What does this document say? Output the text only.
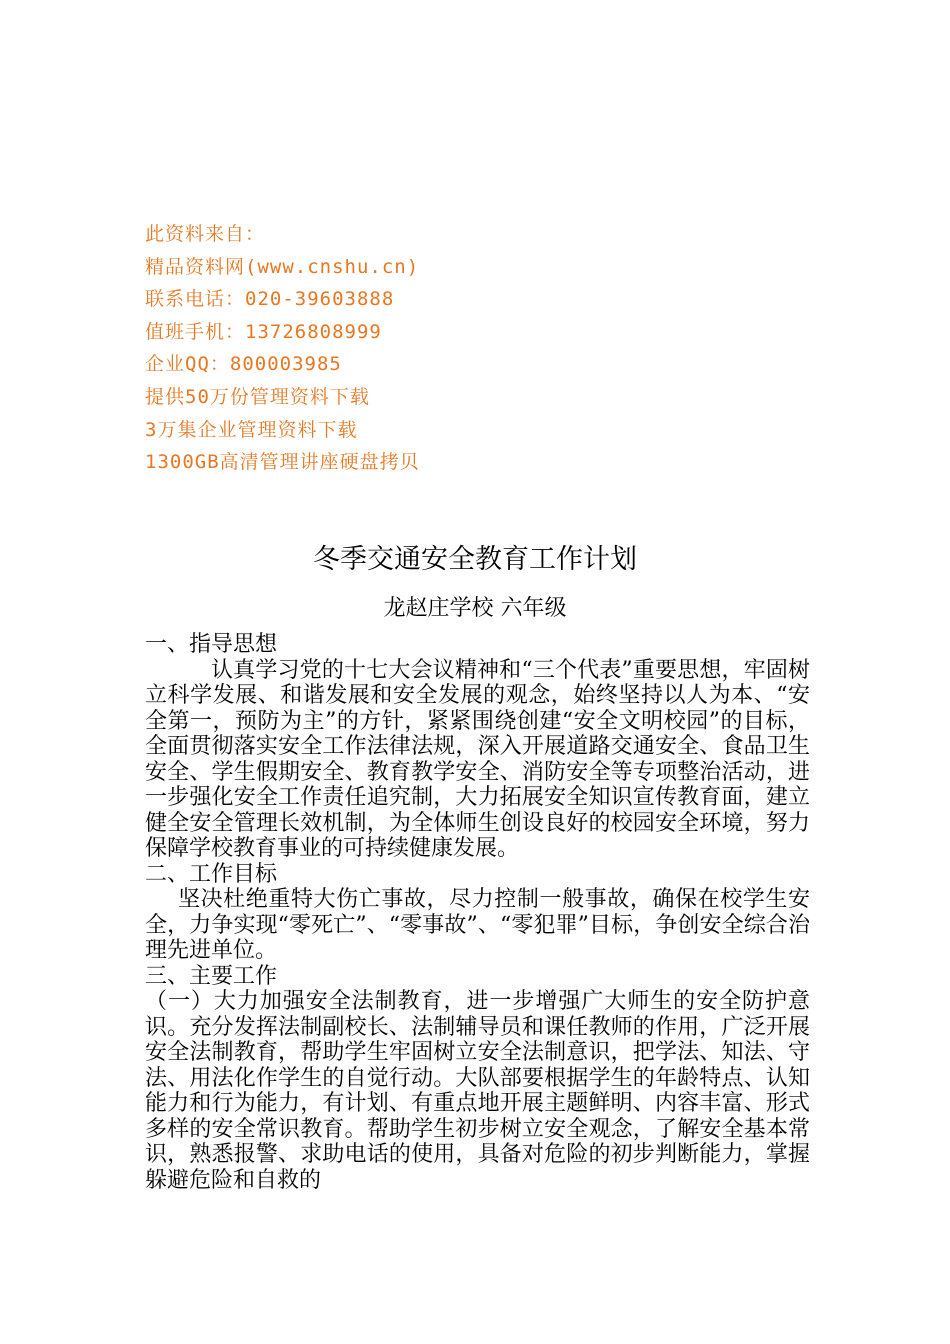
此资料来自：
精品资料网(www.cnshu.cn)
联系电话：020-39603888
值班手机：13726808999
企业QQ：800003985
提供50万份管理资料下载
3万集企业管理资料下载
1300GB高清管理讲座硬盘拷贝
冬季交通安全教育工作计划
龙赵庄学校 六年级

一、指导思想

认真学习党的十七大会议精神和“三个代表”重要思想，牢固树立科学发展、和谐发展和安全发展的观念，始终坚持以人为本、“安全第一，预防为主”的方针，紧紧围绕创建“安全文明校园”的目标，全面贯彻落实安全工作法律法规，深入开展道路交通安全、食品卫生安全、学生假期安全、教育教学安全、消防安全等专项整治活动，进一步强化安全工作责任追究制，大力拓展安全知识宣传教育面，建立健全安全管理长效机制，为全体师生创设良好的校园安全环境，努力保障学校教育事业的可持续健康发展。

二、工作目标

坚决杜绝重特大伤亡事故，尽力控制一般事故，确保在校学生安全，力争实现“零死亡”、“零事故”、“零犯罪”目标，争创安全综合治理先进单位。

三、主要工作

（一）大力加强安全法制教育，进一步增强广大师生的安全防护意识。充分发挥法制副校长、法制辅导员和课任教师的作用，广泛开展安全法制教育，帮助学生牢固树立安全法制意识，把学法、知法、守法、用法化作学生的自觉行动。大队部要根据学生的年龄特点、认知能力和行为能力，有计划、有重点地开展主题鲜明、内容丰富、形式多样的安全常识教育。帮助学生初步树立安全观念，了解安全基本常识，熟悉报警、求助电话的使用，具备对危险的初步判断能力，掌握躲避危险和自救的
